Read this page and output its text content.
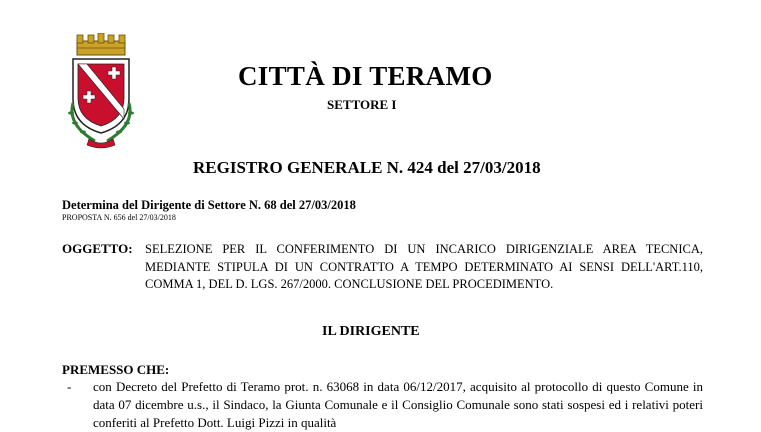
CITTÀ DI TERAMO
SETTORE I
REGISTRO GENERALE N. 424 del 27/03/2018
Determina del Dirigente di Settore N. 68 del 27/03/2018
PROPOSTA N. 656 del 27/03/2018
OGGETTO: SELEZIONE PER IL CONFERIMENTO DI UN INCARICO DIRIGENZIALE AREA TECNICA, MEDIANTE STIPULA DI UN CONTRATTO A TEMPO DETERMINATO AI SENSI DELL'ART.110, COMMA 1, DEL D. LGS. 267/2000. CONCLUSIONE DEL PROCEDIMENTO.
IL DIRIGENTE
PREMESSO CHE:
- con Decreto del Prefetto di Teramo prot. n. 63068 in data 06/12/2017, acquisito al protocollo di questo Comune in data 07 dicembre u.s., il Sindaco, la Giunta Comunale e il Consiglio Comunale sono stati sospesi ed i relativi poteri conferiti al Prefetto Dott. Luigi Pizzi in qualità
